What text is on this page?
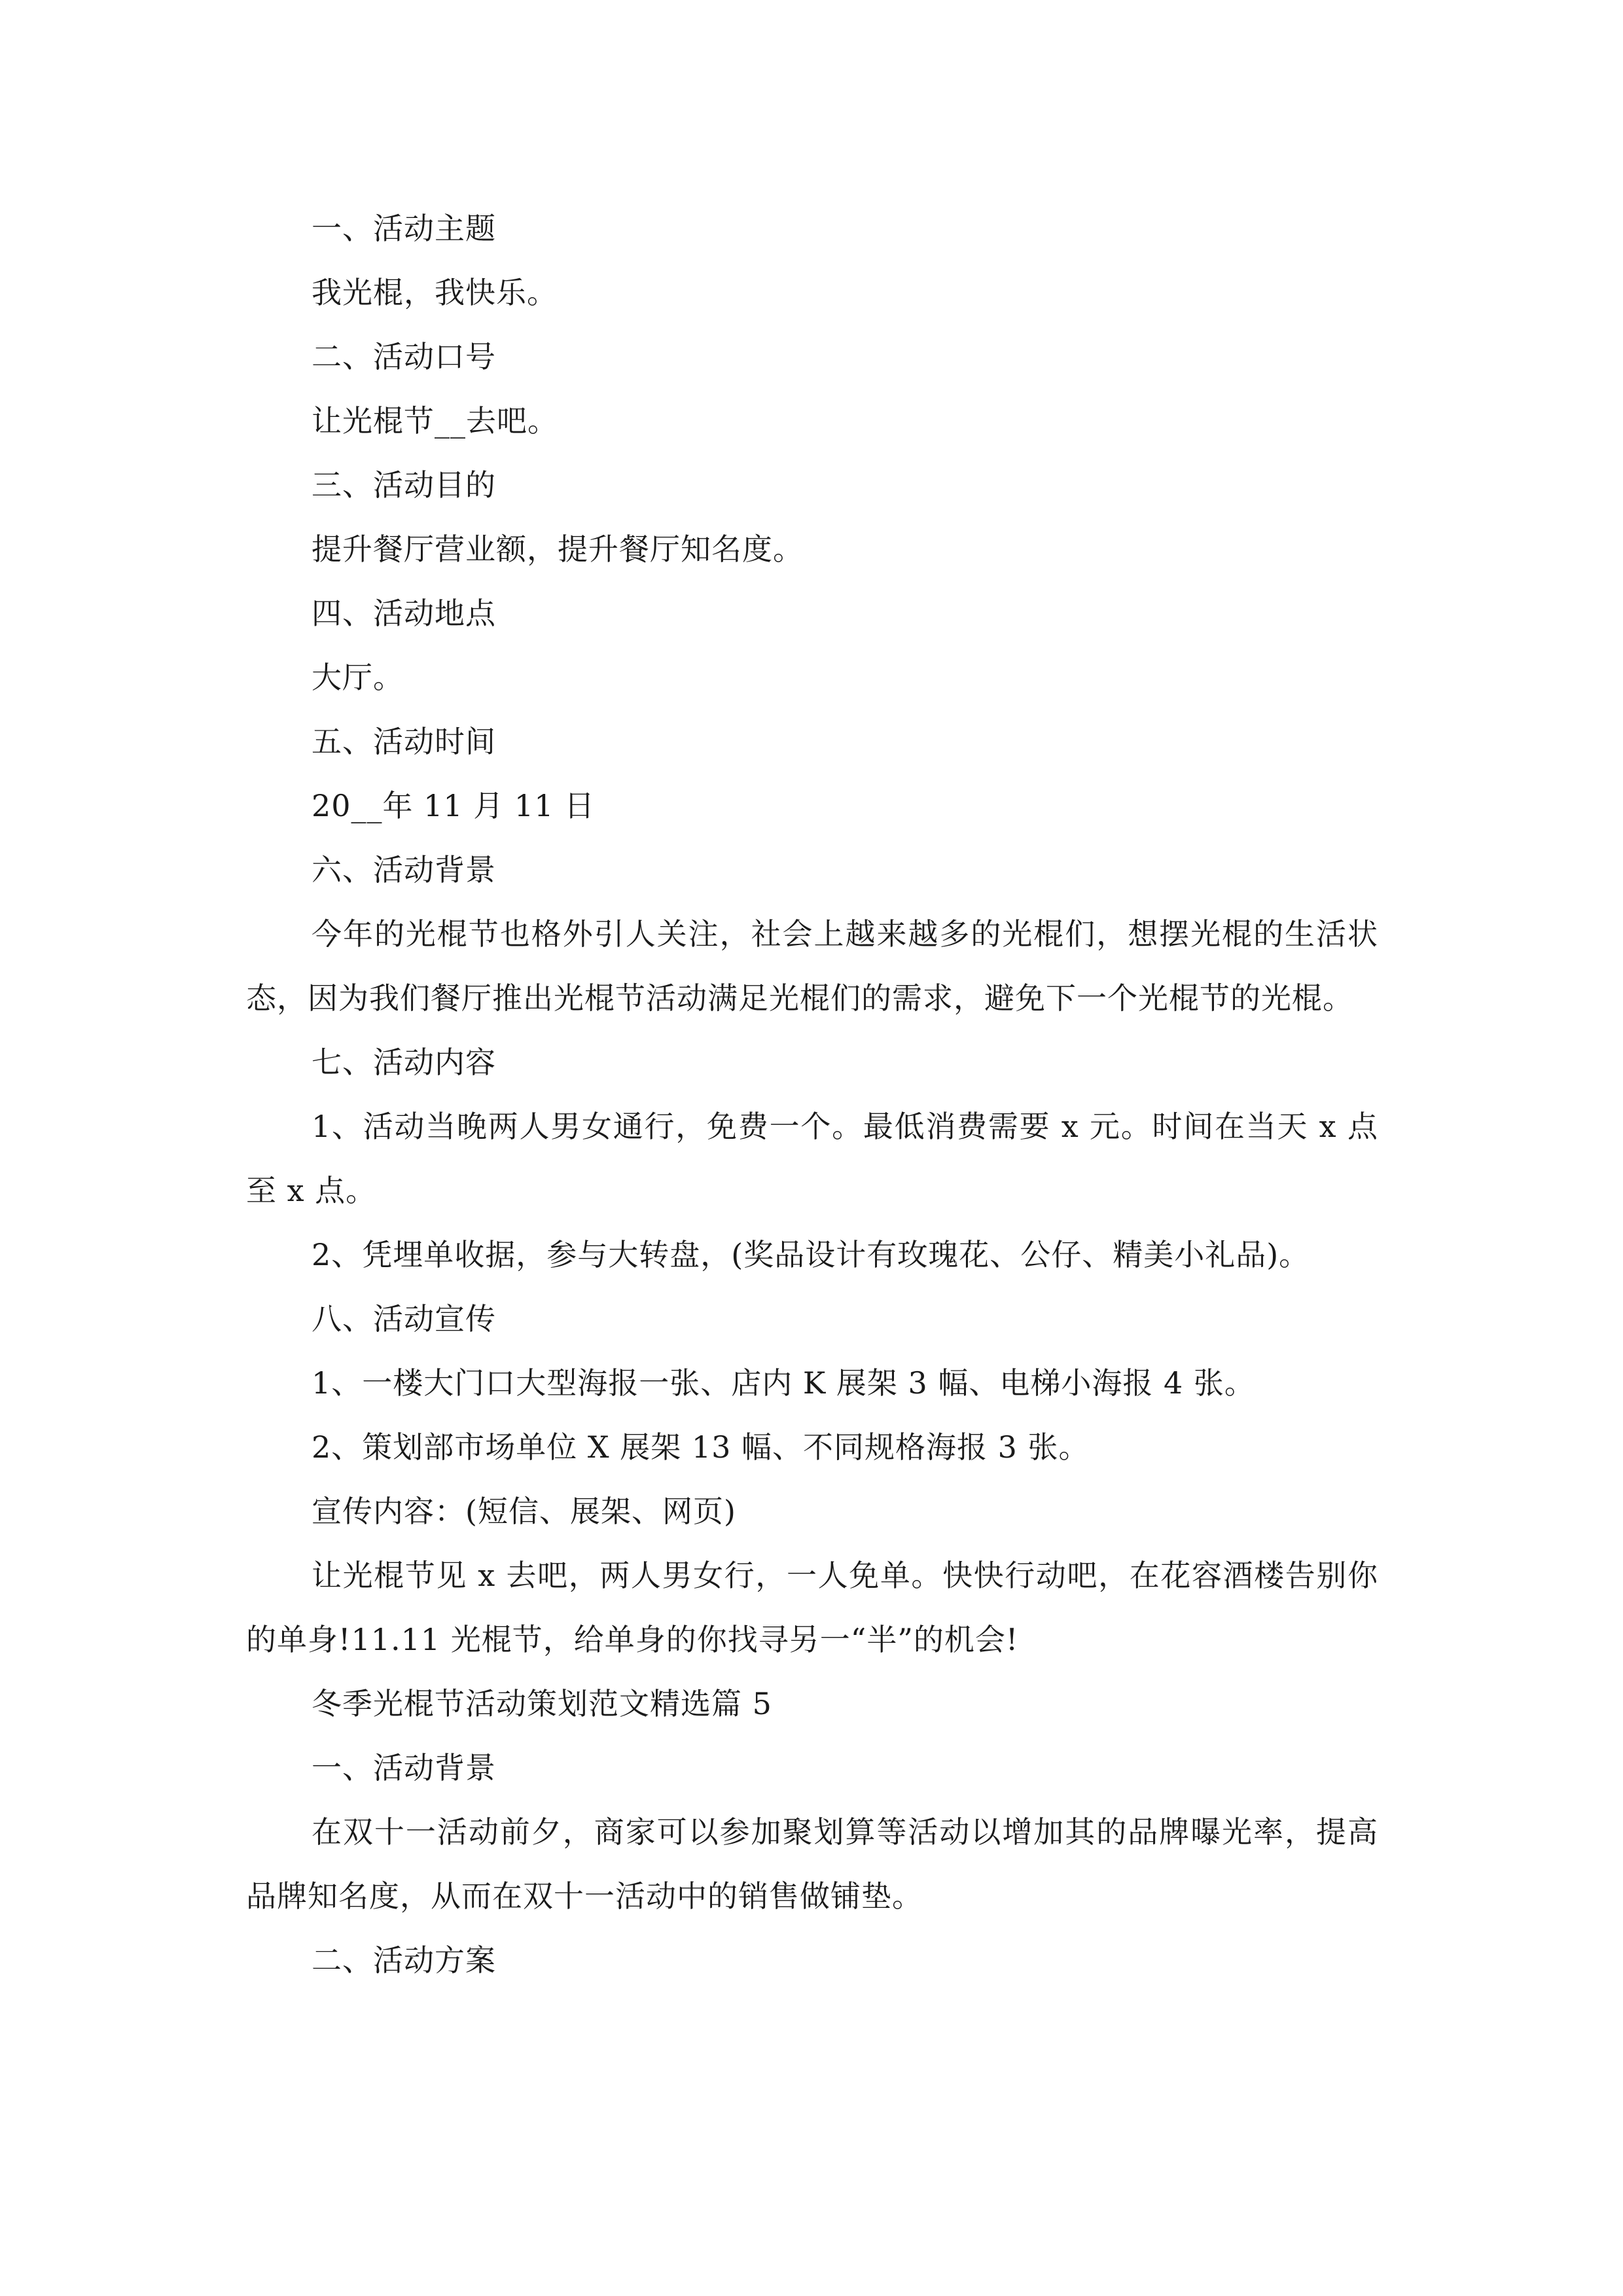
一、活动主题
我光棍，我快乐。
二、活动口号
让光棍节__去吧。
三、活动目的
提升餐厅营业额，提升餐厅知名度。
四、活动地点
大厅。
五、活动时间
20__年 11 月 11 日
六、活动背景
今年的光棍节也格外引人关注，社会上越来越多的光棍们，想摆光棍的生活状态，因为我们餐厅推出光棍节活动满足光棍们的需求，避免下一个光棍节的光棍。
七、活动内容
1、活动当晚两人男女通行，免费一个。最低消费需要 x 元。时间在当天 x 点至 x 点。
2、凭埋单收据，参与大转盘，(奖品设计有玫瑰花、公仔、精美小礼品)。
八、活动宣传
1、一楼大门口大型海报一张、店内 K 展架 3 幅、电梯小海报 4 张。
2、策划部市场单位 X 展架 13 幅、不同规格海报 3 张。
宣传内容：(短信、展架、网页)
让光棍节见 x 去吧，两人男女行，一人免单。快快行动吧，在花容酒楼告别你的单身!11.11 光棍节，给单身的你找寻另一“半”的机会!
冬季光棍节活动策划范文精选篇 5
一、活动背景
在双十一活动前夕，商家可以参加聚划算等活动以增加其的品牌曝光率，提高品牌知名度，从而在双十一活动中的销售做铺垫。
二、活动方案
